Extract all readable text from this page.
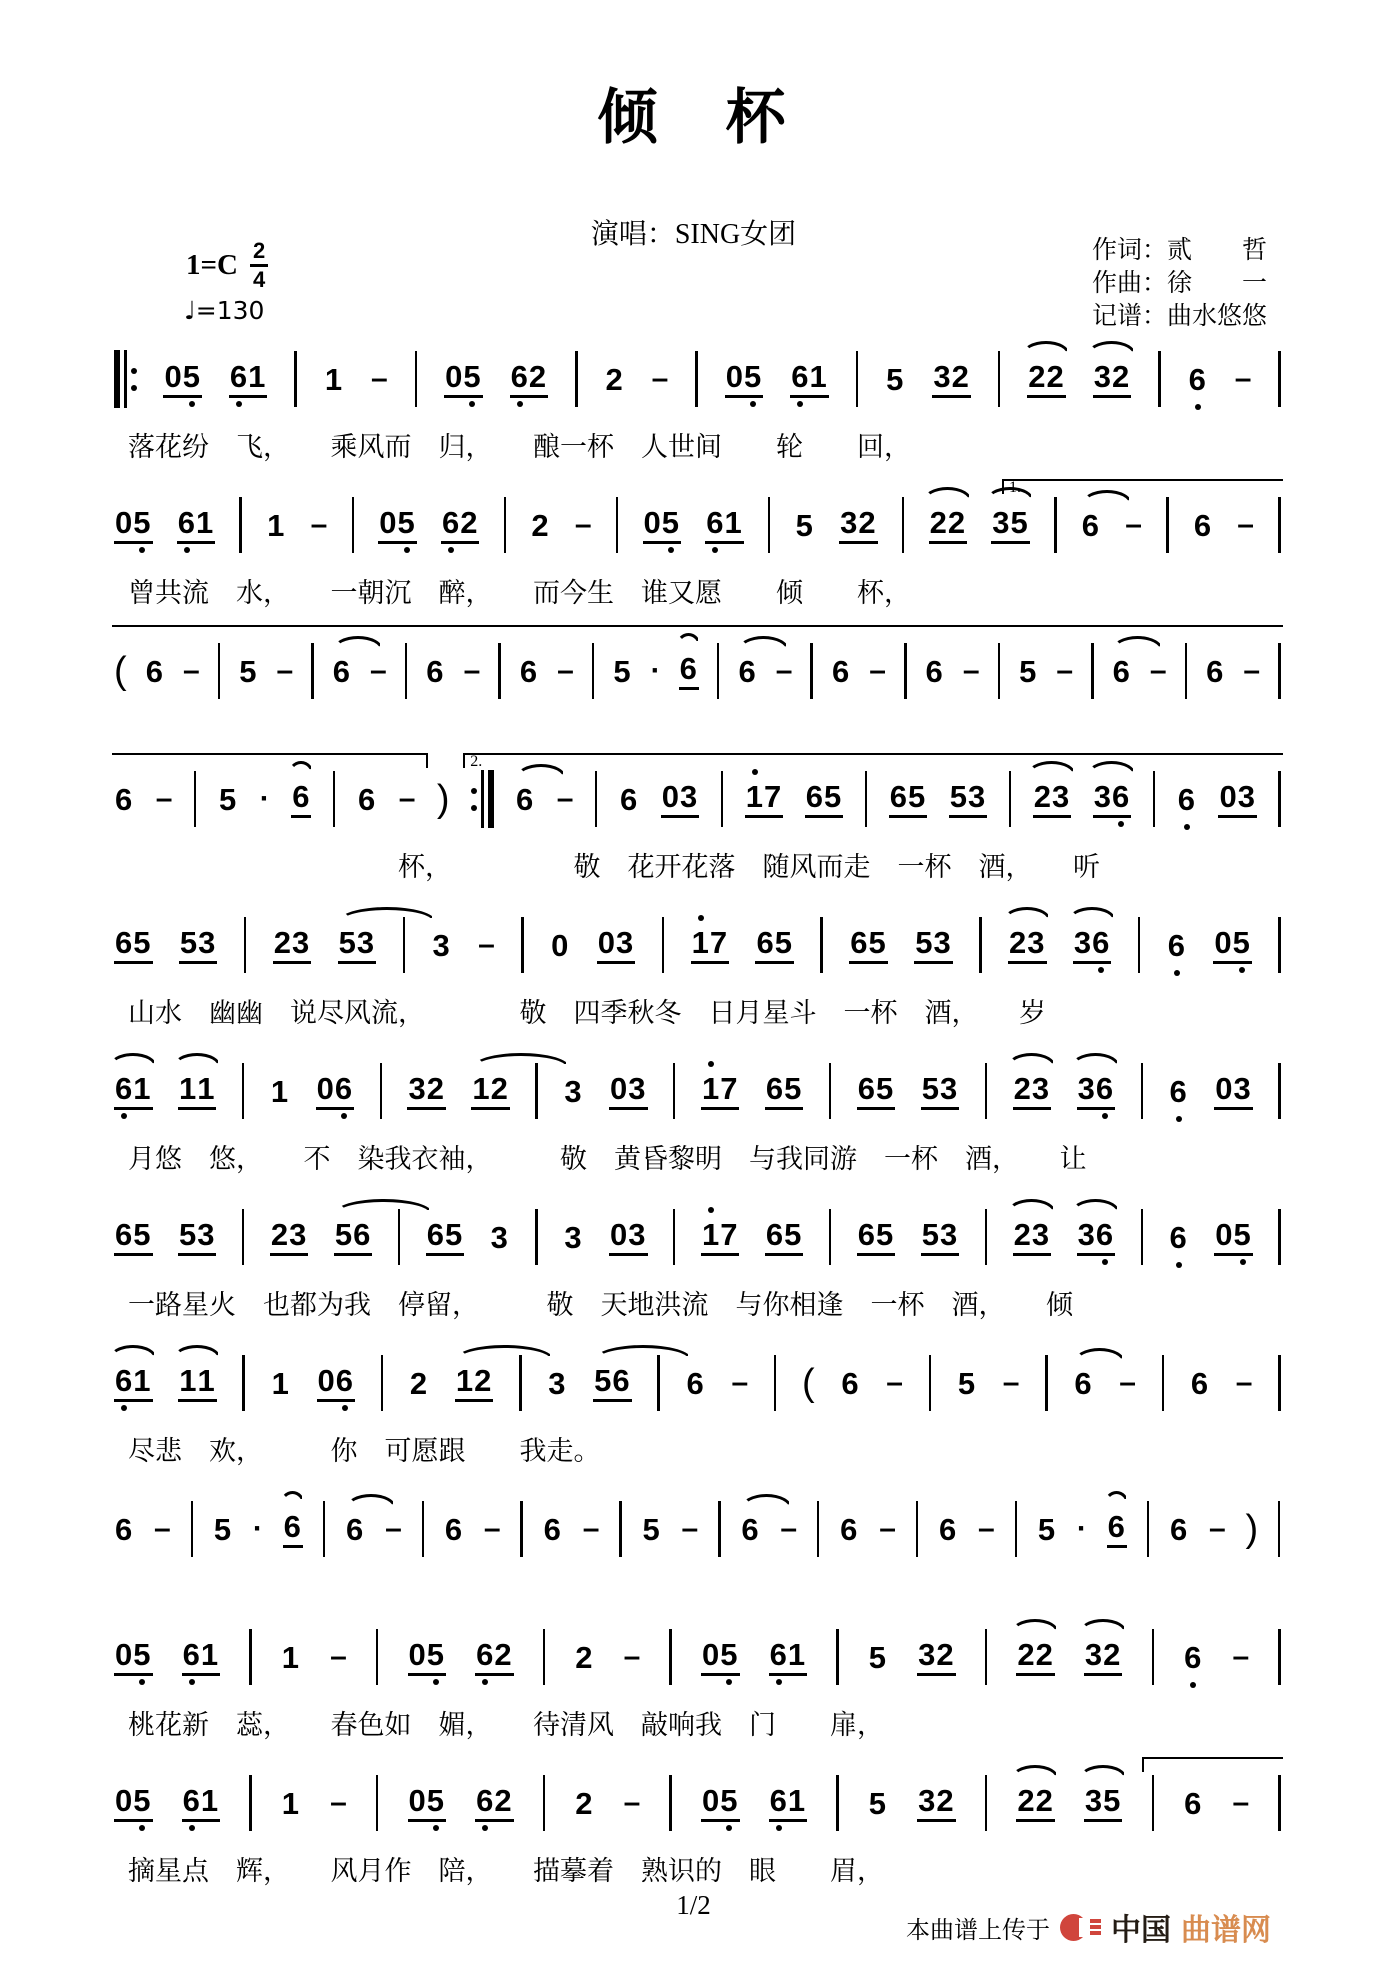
倾　杯
演唱：SING女团
$1=C \frac{2}{4}$
♩=130
作词：贰　　哲
作曲：徐　　一
记谱：曲水悠悠
0 5 6 1 1 – 0 5 6 2 2 – 0 5 6 1 5 3 2 2 2 3 2 6 –
落花纷　飞，　　乘风而　归，　　酿一杯　人世间　　轮　　回，
1.
0 5 6 1 1 – 0 5 6 2 2 – 0 5 6 1 5 3 2 2 2 3 5 6 – 6 –
曾共流　水，　　一朝沉　醉，　　而今生　谁又愿　　倾　　杯，
( 6 – 5 – 6 – 6 – 6 – 5 · 6 6 – 6 – 6 – 5 – 6 – 6 –
2.
6 – 5 · 6 6 – ) 6 – 6 0 3 1 7 6 5 6 5 5 3 2 3 3 6 6 0 3
　　　　　　　　　　杯，　　　　　敬　花开花落　随风而走　一杯　酒，　　听
6 5 5 3 2 3 5 3 3 – 0 0 3 1 7 6 5 6 5 5 3 2 3 3 6 6 0 5
山水　幽幽　说尽风流，　　　　敬　四季秋冬　日月星斗　一杯　酒，　　岁
6 1 1 1 1 0 6 3 2 1 2 3 0 3 1 7 6 5 6 5 5 3 2 3 3 6 6 0 3
月悠　悠，　　不　染我衣袖，　　　敬　黄昏黎明　与我同游　一杯　酒，　　让
6 5 5 3 2 3 5 6 6 5 3 3 0 3 1 7 6 5 6 5 5 3 2 3 3 6 6 0 5
一路星火　也都为我　停留，　　　敬　天地洪流　与你相逢　一杯　酒，　　倾
6 1 1 1 1 0 6 2 1 2 3 5 6 6 – ( 6 – 5 – 6 – 6 –
尽悲　欢，　　　你　可愿跟　　我走。
6 – 5 · 6 6 – 6 – 6 – 5 – 6 – 6 – 6 – 5 · 6 6 – )
0 5 6 1 1 – 0 5 6 2 2 – 0 5 6 1 5 3 2 2 2 3 2 6 –
桃花新　蕊，　　春色如　媚，　　待清风　敲响我　门　　扉，
0 5 6 1 1 – 0 5 6 2 2 – 0 5 6 1 5 3 2 2 2 3 5 6 –
摘星点　辉，　　风月作　陪，　　描摹着　熟识的　眼　　眉，
1/2
本曲谱上传于 中国 曲谱网
